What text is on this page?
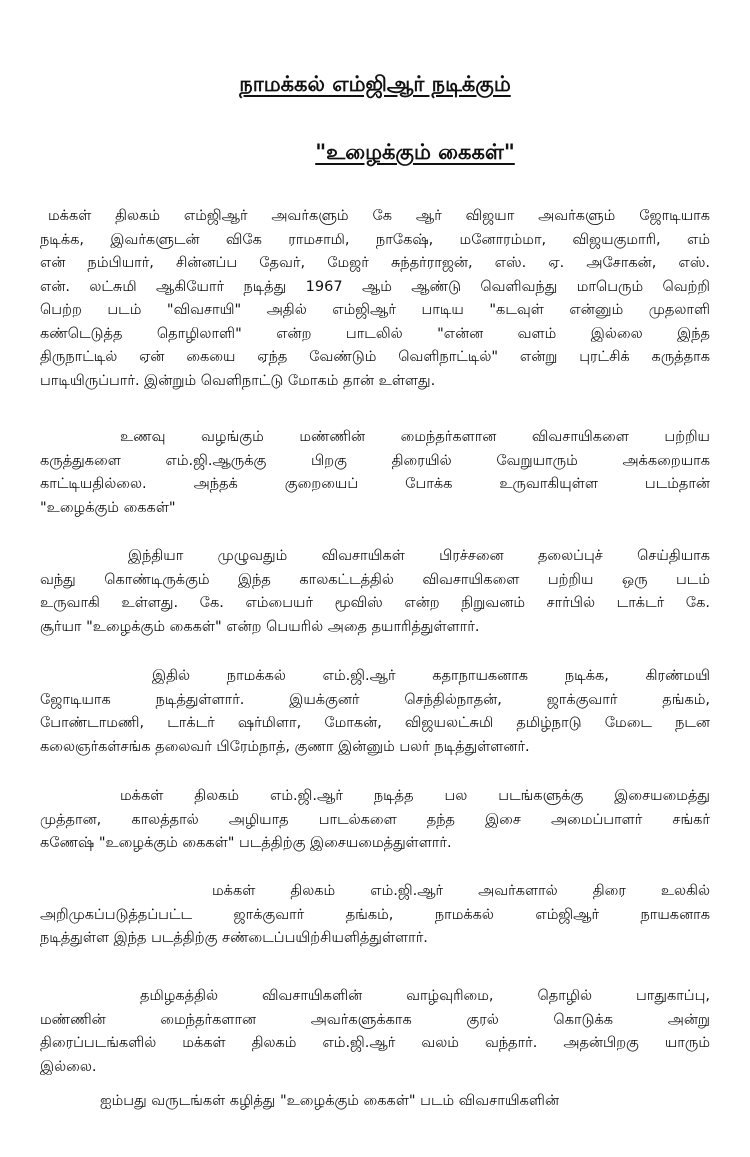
நாமக்கல் எம்ஜிஆர் நடிக்கும்
"உழைக்கும் கைகள்"
மக்கள் திலகம் எம்ஜிஆர் அவர்களும் கே ஆர் விஜயா அவர்களும் ஜோடியாக
நடிக்க, இவர்களுடன் விகே ராமசாமி, நாகேஷ், மனோரம்மா, விஜயகுமாரி, எம்
என் நம்பியார், சின்னப்ப தேவர், மேஜர் சுந்தர்ராஜன், எஸ். ஏ. அசோகன், எஸ்.
என். லட்சுமி ஆகியோர் நடித்து 1967 ஆம் ஆண்டு வெளிவந்து மாபெரும் வெற்றி
பெற்ற படம் "விவசாயி" அதில் எம்ஜிஆர் பாடிய "கடவுள் என்னும் முதலாளி
கண்டெடுத்த தொழிலாளி" என்ற பாடலில் "என்ன வளம் இல்லை இந்த
திருநாட்டில் ஏன் கையை ஏந்த வேண்டும் வெளிநாட்டில்" என்று புரட்சிக் கருத்தாக
பாடியிருப்பார். இன்றும் வெளிநாட்டு மோகம் தான் உள்ளது.
உணவு வழங்கும் மண்ணின் மைந்தர்களான விவசாயிகளை பற்றிய
கருத்துகளை எம்.ஜி.ஆருக்கு பிறகு திரையில் வேறுயாரும் அக்கறையாக
காட்டியதில்லை. அந்தக் குறையைப் போக்க உருவாகியுள்ள படம்தான்
"உழைக்கும் கைகள்"
இந்தியா முழுவதும் விவசாயிகள் பிரச்சனை தலைப்புச் செய்தியாக
வந்து கொண்டிருக்கும் இந்த காலகட்டத்தில் விவசாயிகளை பற்றிய ஒரு படம்
உருவாகி உள்ளது. கே. எம்பையர் மூவிஸ் என்ற நிறுவனம் சார்பில் டாக்டர் கே.
சூர்யா "உழைக்கும் கைகள்" என்ற பெயரில் அதை தயாரித்துள்ளார்.
இதில் நாமக்கல் எம்.ஜி.ஆர் கதாநாயகனாக நடிக்க, கிரண்மயி
ஜோடியாக நடித்துள்ளார். இயக்குனர் செந்தில்நாதன், ஜாக்குவார் தங்கம்,
போண்டாமணி, டாக்டர் ஷர்மிளா, மோகன், விஜயலட்சுமி தமிழ்நாடு மேடை நடன
கலைஞர்கள்சங்க தலைவர் பிரேம்நாத், குணா இன்னும் பலர் நடித்துள்ளனர்.
மக்கள் திலகம் எம்.ஜி.ஆர் நடித்த பல படங்களுக்கு இசையமைத்து
முத்தான, காலத்தால் அழியாத பாடல்களை தந்த இசை அமைப்பாளர் சங்கர்
கணேஷ் "உழைக்கும் கைகள்" படத்திற்கு இசையமைத்துள்ளார்.
மக்கள் திலகம் எம்.ஜி.ஆர் அவர்களால் திரை உலகில்
அறிமுகப்படுத்தப்பட்ட ஜாக்குவார் தங்கம், நாமக்கல் எம்ஜிஆர் நாயகனாக
நடித்துள்ள இந்த படத்திற்கு சண்டைப்பயிற்சியளித்துள்ளார்.
தமிழகத்தில் விவசாயிகளின் வாழ்வுரிமை, தொழில் பாதுகாப்பு,
மண்ணின் மைந்தர்களான அவர்களுக்காக குரல் கொடுக்க அன்று
திரைப்படங்களில் மக்கள் திலகம் எம்.ஜி.ஆர் வலம் வந்தார். அதன்பிறகு யாரும்
இல்லை.
ஐம்பது வருடங்கள் கழித்து "உழைக்கும் கைகள்" படம் விவசாயிகளின்
